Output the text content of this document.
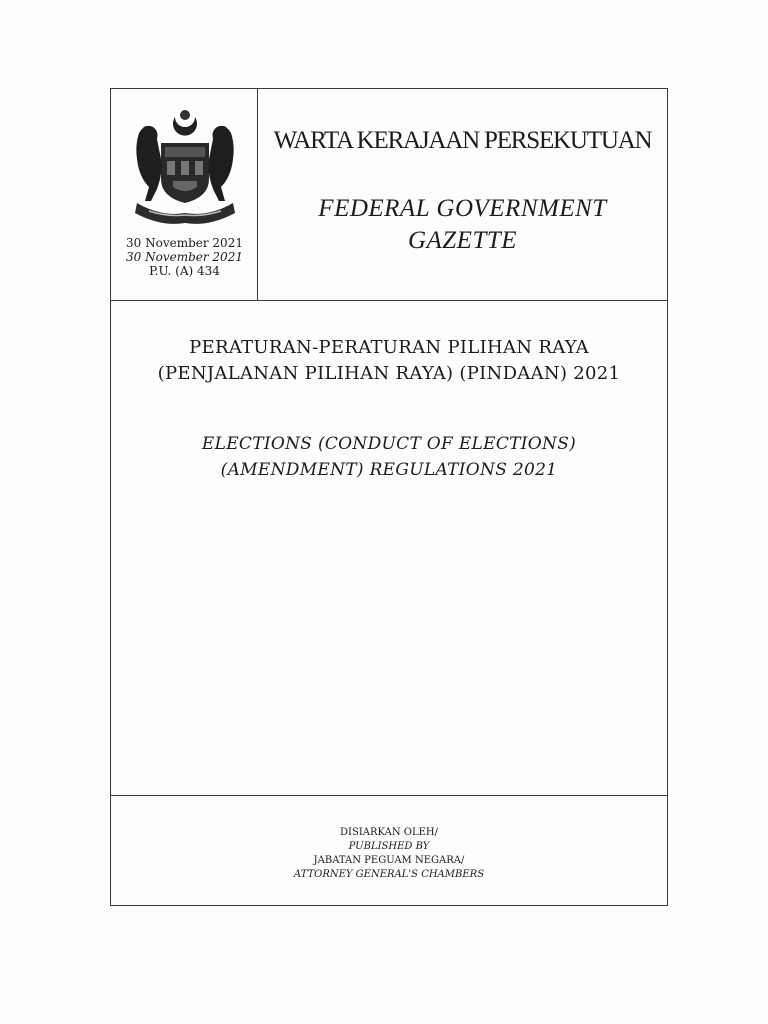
30 November 2021
30 November 2021
P.U. (A) 434
WARTA KERAJAAN PERSEKUTUAN
FEDERAL GOVERNMENT
GAZETTE
PERATURAN-PERATURAN PILIHAN RAYA
(PENJALANAN PILIHAN RAYA) (PINDAAN) 2021
ELECTIONS (CONDUCT OF ELECTIONS)
(AMENDMENT) REGULATIONS 2021
DISIARKAN OLEH/
PUBLISHED BY
JABATAN PEGUAM NEGARA/
ATTORNEY GENERAL'S CHAMBERS
